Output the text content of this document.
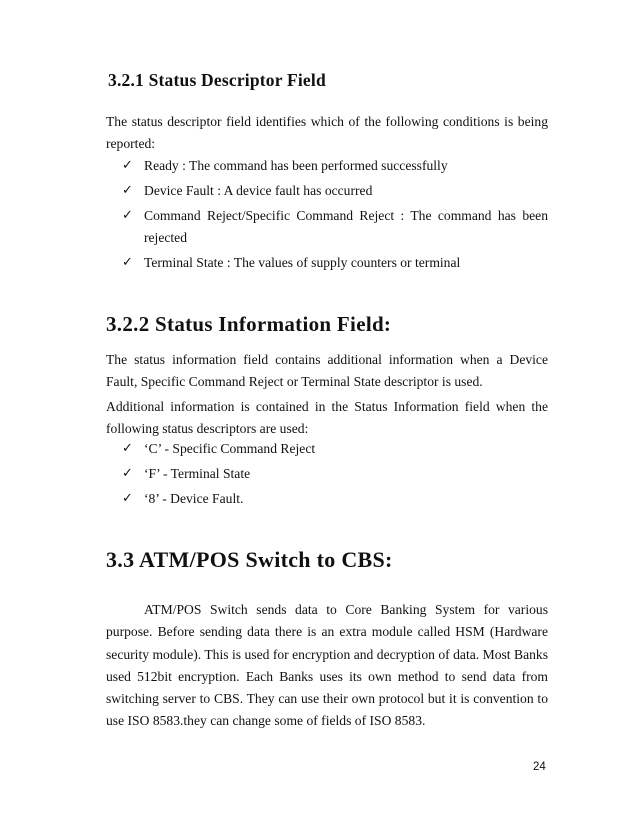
3.2.1 Status Descriptor Field
The status descriptor field identifies which of the following conditions is being reported:
✓ Ready : The command has been performed successfully
✓ Device Fault : A device fault has occurred
✓ Command Reject/Specific Command Reject : The command has been rejected
✓ Terminal State : The values of supply counters or terminal
3.2.2 Status Information Field:
The status information field contains additional information when a Device Fault, Specific Command Reject or Terminal State descriptor is used.
Additional information is contained in the Status Information field when the following status descriptors are used:
✓ ‘C’ - Specific Command Reject
✓ ‘F’ - Terminal State
✓ ‘8’ - Device Fault.
3.3 ATM/POS Switch to CBS:
ATM/POS Switch sends data to Core Banking System for various purpose. Before sending data there is an extra module called HSM (Hardware security module). This is used for encryption and decryption of data. Most Banks used 512bit encryption. Each Banks uses its own method to send data from switching server to CBS. They can use their own protocol but it is convention to use ISO 8583.they can change some of fields of ISO 8583.
24
